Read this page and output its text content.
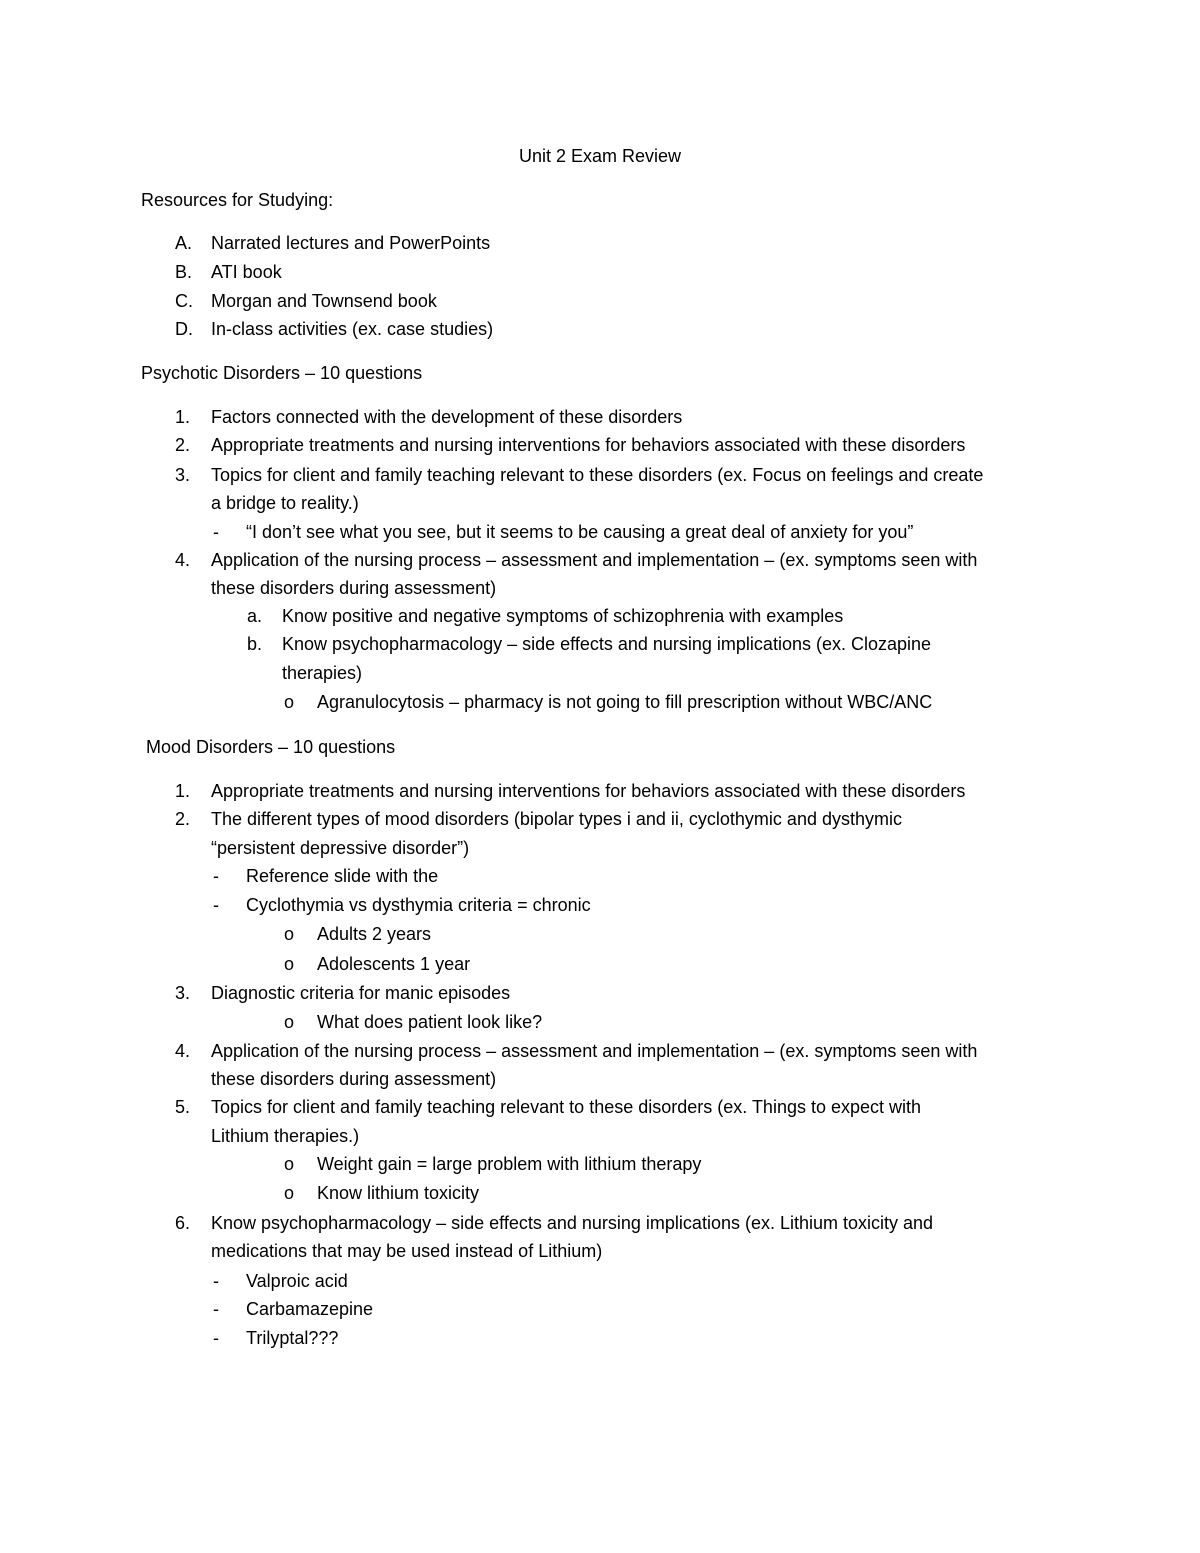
Unit 2 Exam Review
Resources for Studying:
A. Narrated lectures and PowerPoints
B. ATI book
C. Morgan and Townsend book
D. In-class activities (ex. case studies)
Psychotic Disorders – 10 questions
1. Factors connected with the development of these disorders
2. Appropriate treatments and nursing interventions for behaviors associated with these disorders
3. Topics for client and family teaching relevant to these disorders (ex. Focus on feelings and create
a bridge to reality.)
- “I don’t see what you see, but it seems to be causing a great deal of anxiety for you”
4. Application of the nursing process – assessment and implementation – (ex. symptoms seen with
these disorders during assessment)
a. Know positive and negative symptoms of schizophrenia with examples
b. Know psychopharmacology – side effects and nursing implications (ex. Clozapine
therapies)
o Agranulocytosis – pharmacy is not going to fill prescription without WBC/ANC
Mood Disorders – 10 questions
1. Appropriate treatments and nursing interventions for behaviors associated with these disorders
2. The different types of mood disorders (bipolar types i and ii, cyclothymic and dysthymic
“persistent depressive disorder”)
- Reference slide with the
- Cyclothymia vs dysthymia criteria = chronic
o Adults 2 years
o Adolescents 1 year
3. Diagnostic criteria for manic episodes
o What does patient look like?
4. Application of the nursing process – assessment and implementation – (ex. symptoms seen with
these disorders during assessment)
5. Topics for client and family teaching relevant to these disorders (ex. Things to expect with
Lithium therapies.)
o Weight gain = large problem with lithium therapy
o Know lithium toxicity
6. Know psychopharmacology – side effects and nursing implications (ex. Lithium toxicity and
medications that may be used instead of Lithium)
- Valproic acid
- Carbamazepine
- Trilyptal???
